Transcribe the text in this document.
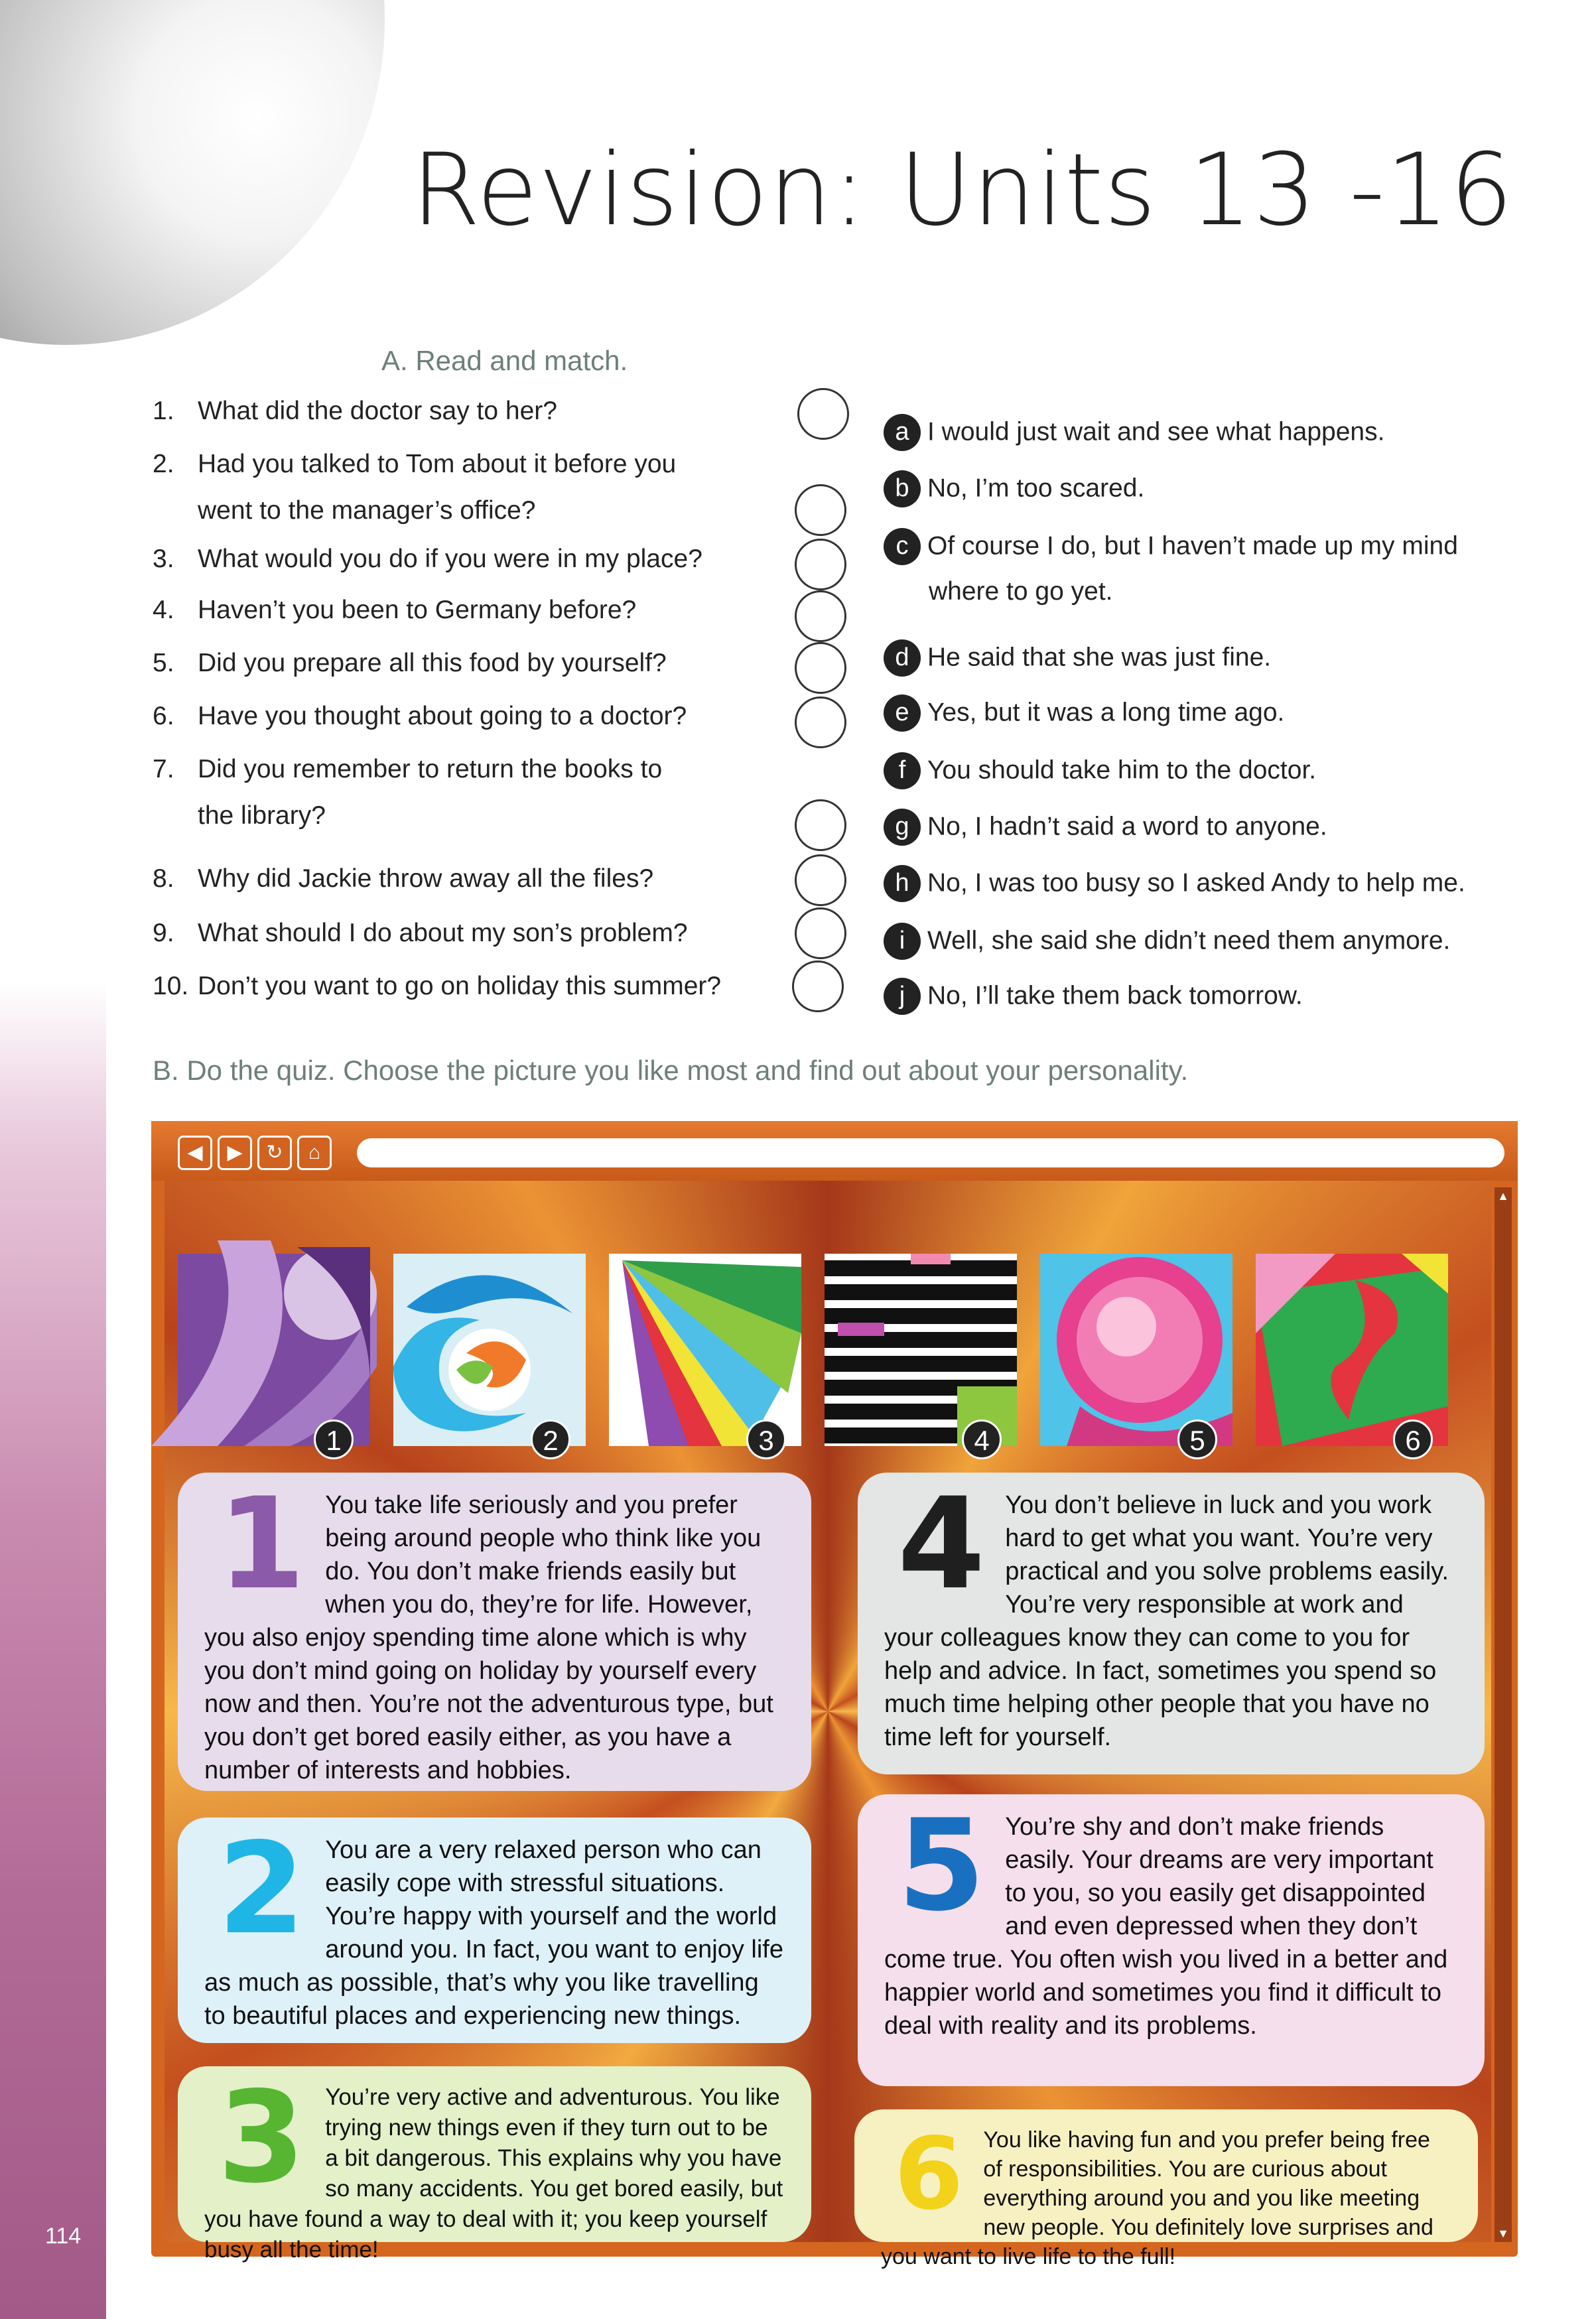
114
Revision: Units 13 -16
A. Read and match.
1. What did the doctor say to her?
2. Had you talked to Tom about it before you
went to the manager’s office?
3. What would you do if you were in my place?
4. Haven’t you been to Germany before?
5. Did you prepare all this food by yourself?
6. Have you thought about going to a doctor?
7. Did you remember to return the books to
the library?
8. Why did Jackie throw away all the files?
9. What should I do about my son’s problem?
10. Don’t you want to go on holiday this summer?
a I would just wait and see what happens.
b No, I’m too scared.
c Of course I do, but I haven’t made up my mind
where to go yet.
d He said that she was just fine.
e Yes, but it was a long time ago.
f You should take him to the doctor.
g No, I hadn’t said a word to anyone.
h No, I was too busy so I asked Andy to help me.
i Well, she said she didn’t need them anymore.
j No, I’ll take them back tomorrow.
B. Do the quiz. Choose the picture you like most and find out about your personality.
◀	▶	↻	⌂
1	2	3	4	5	6
1 You take life seriously and you prefer being around people who think like you do. You don’t make friends easily but when you do, they’re for life. However, you also enjoy spending time alone which is why you don’t mind going on holiday by yourself every now and then. You’re not the adventurous type, but you don’t get bored easily either, as you have a number of interests and hobbies.
2 You are a very relaxed person who can easily cope with stressful situations. You’re happy with yourself and the world around you. In fact, you want to enjoy life as much as possible, that’s why you like travelling to beautiful places and experiencing new things.
3 You’re very active and adventurous. You like trying new things even if they turn out to be a bit dangerous. This explains why you have so many accidents. You get bored easily, but you have found a way to deal with it; you keep yourself busy all the time!
4 You don’t believe in luck and you work hard to get what you want. You’re very practical and you solve problems easily. You’re very responsible at work and your colleagues know they can come to you for help and advice. In fact, sometimes you spend so much time helping other people that you have no time left for yourself.
5 You’re shy and don’t make friends easily. Your dreams are very important to you, so you easily get disappointed and even depressed when they don’t come true. You often wish you lived in a better and happier world and sometimes you find it difficult to deal with reality and its problems.
6 You like having fun and you prefer being free of responsibilities. You are curious about everything around you and you like meeting new people. You definitely love surprises and you want to live life to the full!
▲
▼
